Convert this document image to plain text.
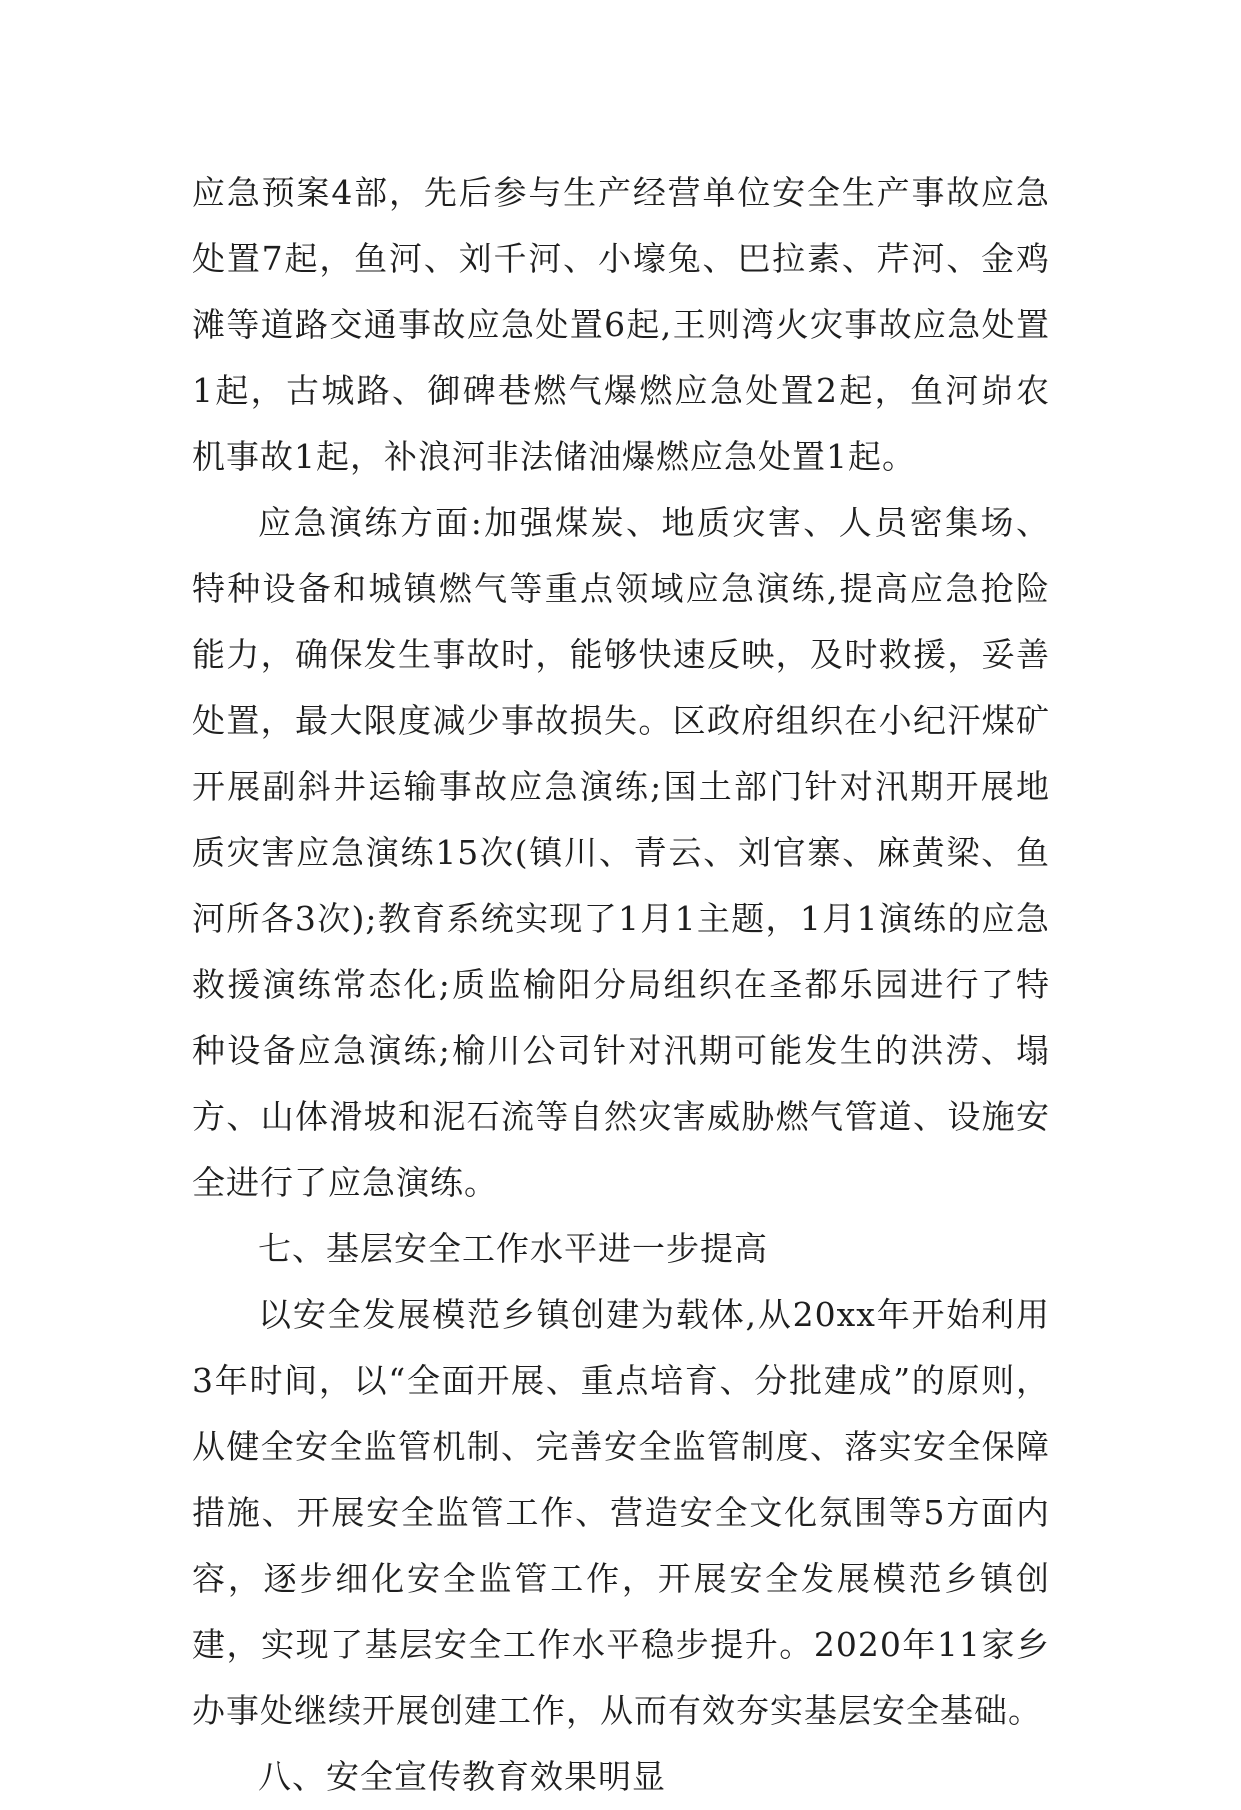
应急预案4部，先后参与生产经营单位安全生产事故应急处置7起，鱼河、刘千河、小壕兔、巴拉素、芹河、金鸡滩等道路交通事故应急处置6起,王则湾火灾事故应急处置1起，古城路、御碑巷燃气爆燃应急处置2起，鱼河峁农机事故1起，补浪河非法储油爆燃应急处置1起。

应急演练方面:加强煤炭、地质灾害、人员密集场、特种设备和城镇燃气等重点领域应急演练,提高应急抢险能力，确保发生事故时，能够快速反映，及时救援，妥善处置，最大限度减少事故损失。区政府组织在小纪汗煤矿开展副斜井运输事故应急演练;国土部门针对汛期开展地质灾害应急演练15次(镇川、青云、刘官寨、麻黄梁、鱼河所各3次);教育系统实现了1月1主题，1月1演练的应急救援演练常态化;质监榆阳分局组织在圣都乐园进行了特种设备应急演练;榆川公司针对汛期可能发生的洪涝、塌方、山体滑坡和泥石流等自然灾害威胁燃气管道、设施安全进行了应急演练。

七、基层安全工作水平进一步提高

以安全发展模范乡镇创建为载体,从20xx年开始利用3年时间，以“全面开展、重点培育、分批建成”的原则，从健全安全监管机制、完善安全监管制度、落实安全保障措施、开展安全监管工作、营造安全文化氛围等5方面内容，逐步细化安全监管工作，开展安全发展模范乡镇创建，实现了基层安全工作水平稳步提升。2020年11家乡办事处继续开展创建工作，从而有效夯实基层安全基础。

八、安全宣传教育效果明显
